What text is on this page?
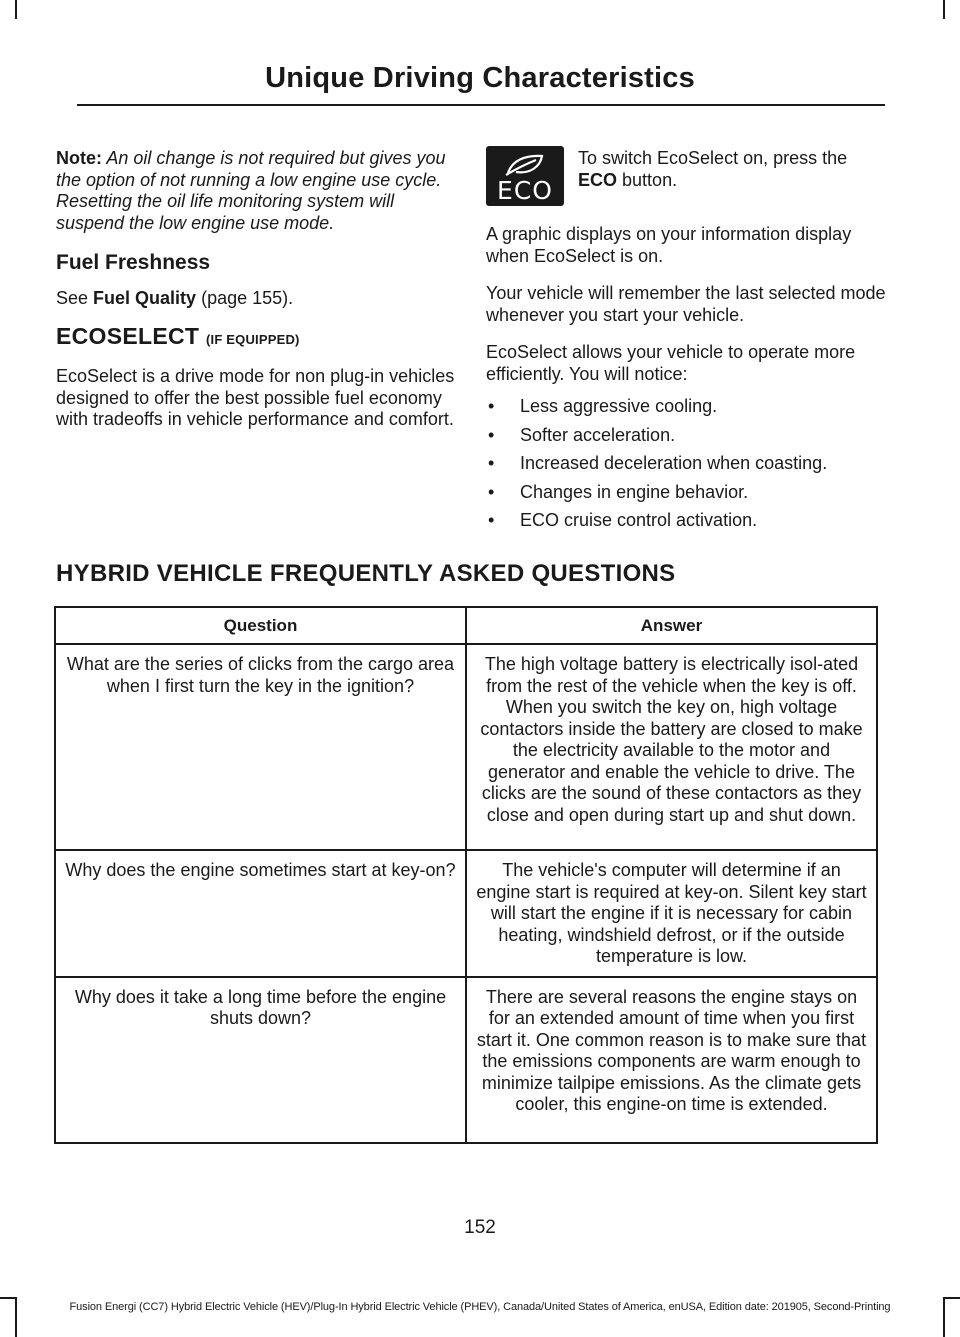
Unique Driving Characteristics

Note: An oil change is not required but gives you the option of not running a low engine use cycle. Resetting the oil life monitoring system will suspend the low engine use mode.

Fuel Freshness

See Fuel Quality (page 155).

ECOSELECT (IF EQUIPPED)

EcoSelect is a drive mode for non plug-in vehicles designed to offer the best possible fuel economy with tradeoffs in vehicle performance and comfort.

ECO

To switch EcoSelect on, press the ECO button.

A graphic displays on your information display when EcoSelect is on.

Your vehicle will remember the last selected mode whenever you start your vehicle.

EcoSelect allows your vehicle to operate more efficiently. You will notice:

• Less aggressive cooling.
• Softer acceleration.
• Increased deceleration when coasting.
• Changes in engine behavior.
• ECO cruise control activation.
HYBRID VEHICLE FREQUENTLY ASKED QUESTIONS
Question	Answer
What are the series of clicks from the cargo area when I first turn the key in the ignition?	The high voltage battery is electrically isol-ated from the rest of the vehicle when the key is off. When you switch the key on, high voltage contactors inside the battery are closed to make the electricity available to the motor and generator and enable the vehicle to drive. The clicks are the sound of these contactors as they close and open during start up and shut down.
Why does the engine sometimes start at key-on?	The vehicle's computer will determine if an engine start is required at key-on. Silent key start will start the engine if it is necessary for cabin heating, windshield defrost, or if the outside temperature is low.
Why does it take a long time before the engine shuts down?	There are several reasons the engine stays on for an extended amount of time when you first start it. One common reason is to make sure that the emissions components are warm enough to minimize tailpipe emissions. As the climate gets cooler, this engine-on time is extended.
152
Fusion Energi (CC7) Hybrid Electric Vehicle (HEV)/Plug-In Hybrid Electric Vehicle (PHEV), Canada/United States of America, enUSA, Edition date: 201905, Second-Printing
